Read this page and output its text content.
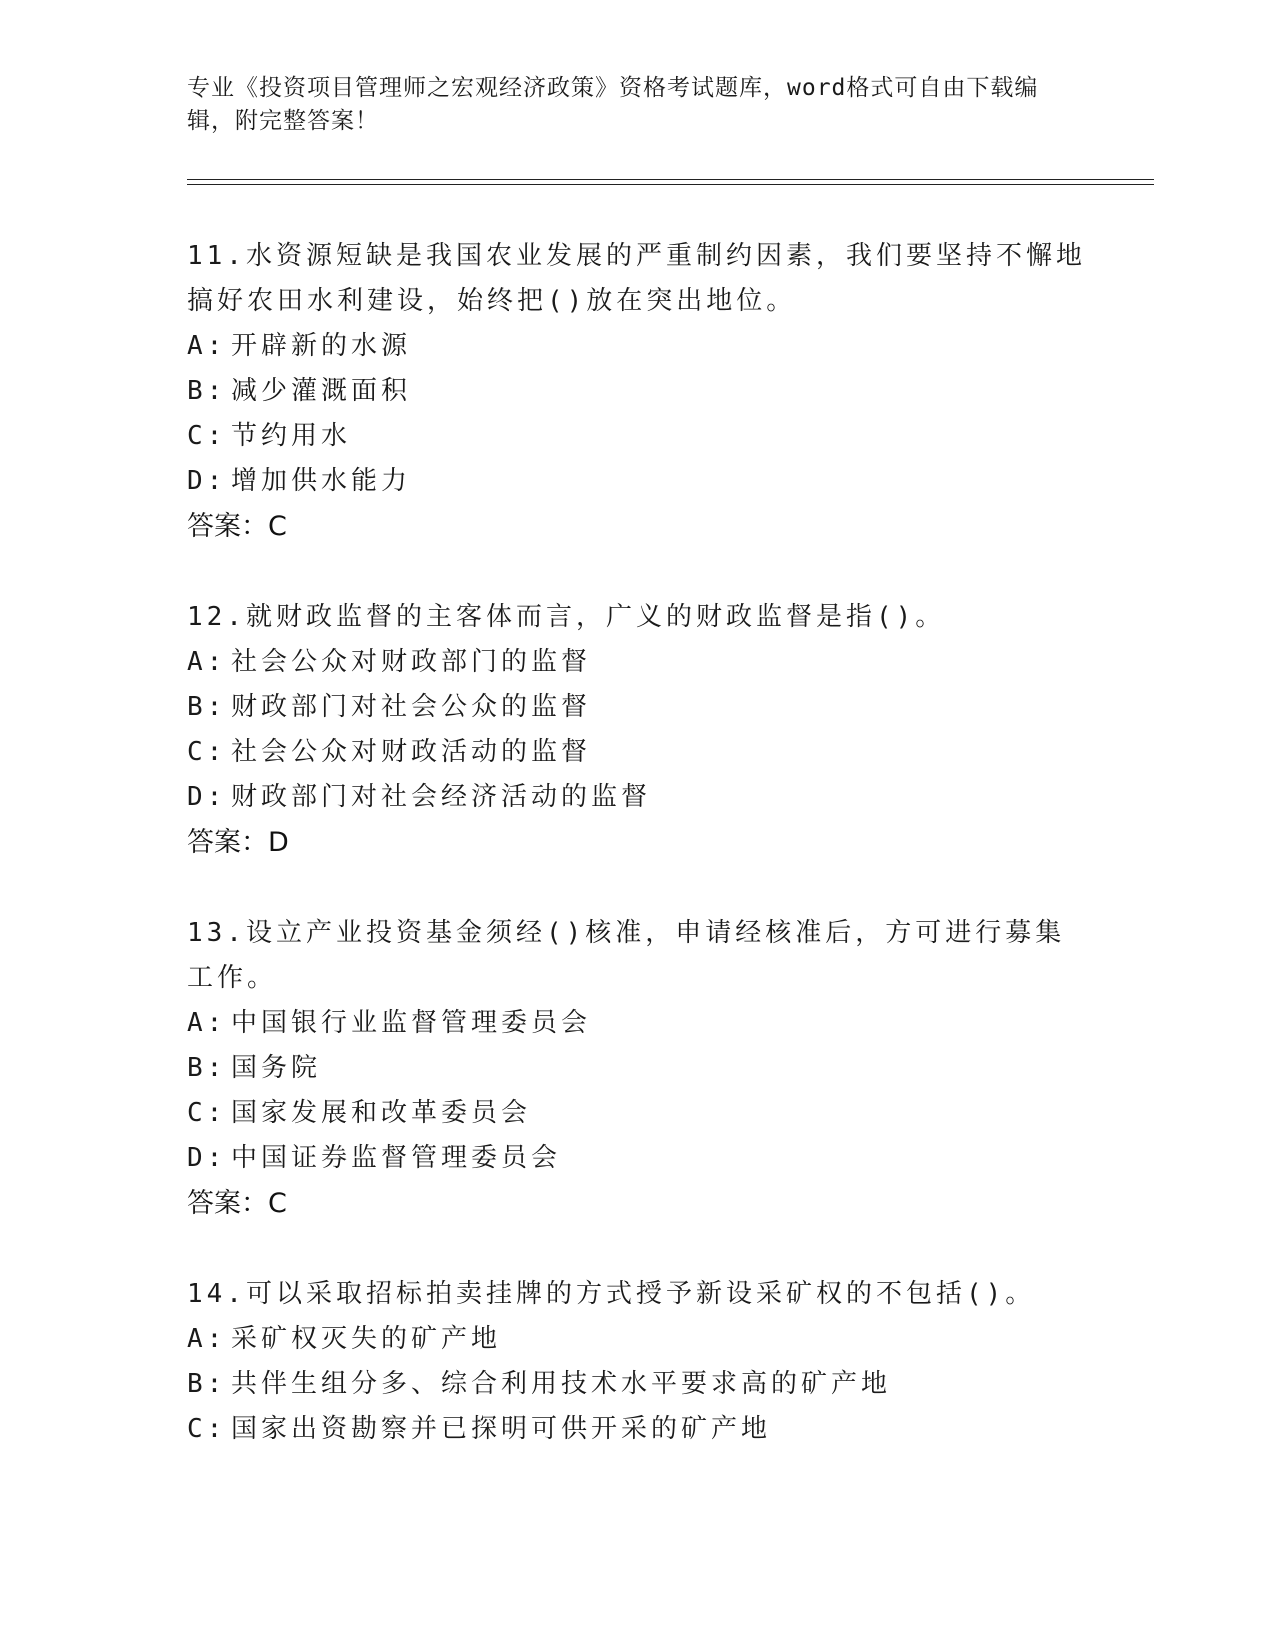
专业《投资项目管理师之宏观经济政策》资格考试题库，word格式可自由下载编辑，附完整答案！
11.水资源短缺是我国农业发展的严重制约因素，我们要坚持不懈地搞好农田水利建设，始终把()放在突出地位。
A: 开辟新的水源
B: 减少灌溉面积
C: 节约用水
D: 增加供水能力
答案：C
12.就财政监督的主客体而言，广义的财政监督是指()。
A: 社会公众对财政部门的监督
B: 财政部门对社会公众的监督
C: 社会公众对财政活动的监督
D: 财政部门对社会经济活动的监督
答案：D
13.设立产业投资基金须经()核准，申请经核准后，方可进行募集工作。
A: 中国银行业监督管理委员会
B: 国务院
C: 国家发展和改革委员会
D: 中国证券监督管理委员会
答案：C
14.可以采取招标拍卖挂牌的方式授予新设采矿权的不包括()。
A: 采矿权灭失的矿产地
B: 共伴生组分多、综合利用技术水平要求高的矿产地
C: 国家出资勘察并已探明可供开采的矿产地
